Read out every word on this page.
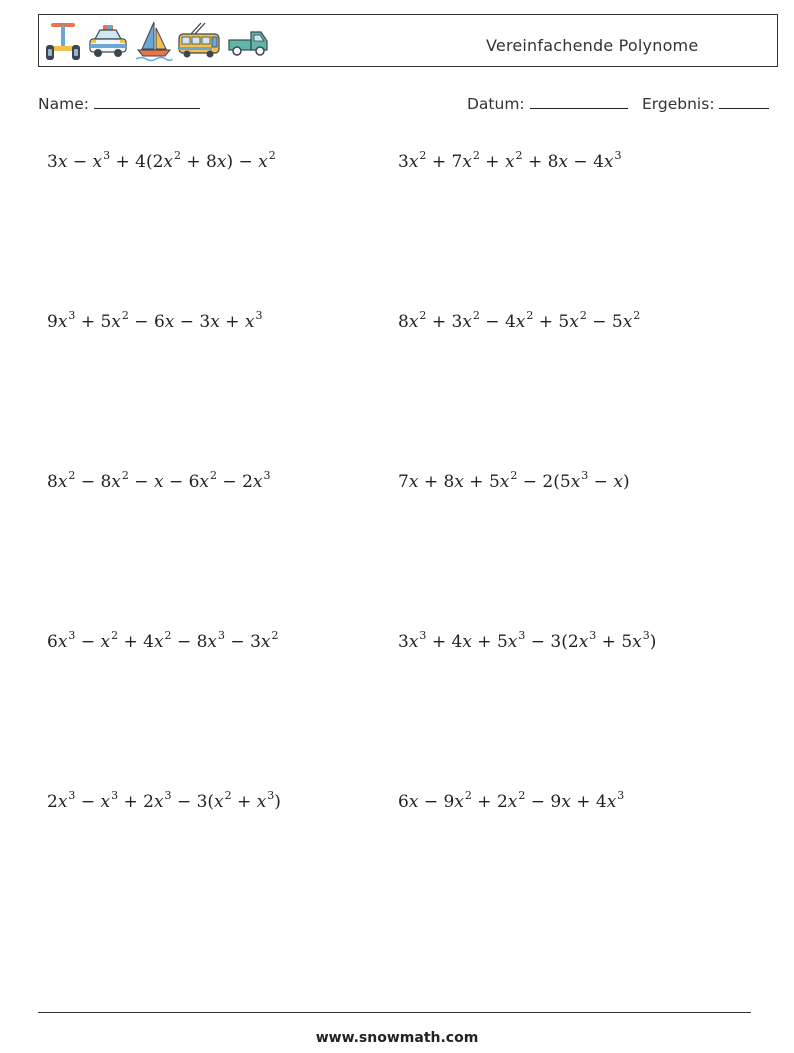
Vereinfachende Polynome
Name:	Datum:	Ergebnis:
$3x - x^3 + 4(2x^2 + 8x) - x^2$	$3x^2 + 7x^2 + x^2 + 8x - 4x^3$
$9x^3 + 5x^2 - 6x - 3x + x^3$	$8x^2 + 3x^2 - 4x^2 + 5x^2 - 5x^2$
$8x^2 - 8x^2 - x - 6x^2 - 2x^3$	$7x + 8x + 5x^2 - 2(5x^3 - x)$
$6x^3 - x^2 + 4x^2 - 8x^3 - 3x^2$	$3x^3 + 4x + 5x^3 - 3(2x^3 + 5x^3)$
$2x^3 - x^3 + 2x^3 - 3(x^2 + x^3)$	$6x - 9x^2 + 2x^2 - 9x + 4x^3$
www.snowmath.com
